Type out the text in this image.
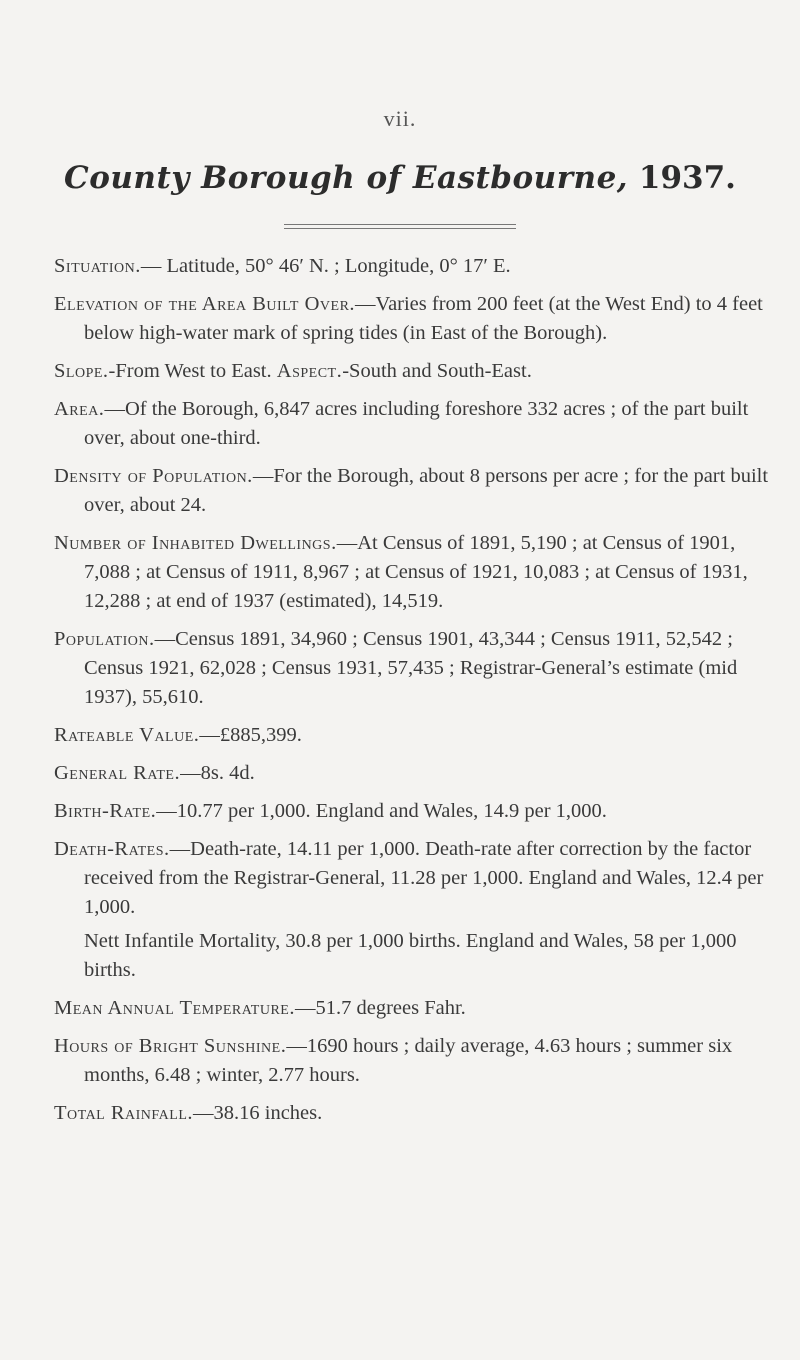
vii.
County Borough of Eastbourne, 1937.

Situation.— Latitude, 50° 46′ N. ; Longitude, 0° 17′ E.

Elevation of the Area Built Over.—Varies from 200 feet (at the West End) to 4 feet below high-water mark of spring tides (in East of the Borough).

Slope.-From West to East. Aspect.-South and South-East.

Area.—Of the Borough, 6,847 acres including foreshore 332 acres ; of the part built over, about one-third.

Density of Population.—For the Borough, about 8 persons per acre ; for the part built over, about 24.

Number of Inhabited Dwellings.—At Census of 1891, 5,190 ; at Census of 1901, 7,088 ; at Census of 1911, 8,967 ; at Census of 1921, 10,083 ; at Census of 1931, 12,288 ; at end of 1937 (estimated), 14,519.

Population.—Census 1891, 34,960 ; Census 1901, 43,344 ; Census 1911, 52,542 ; Census 1921, 62,028 ; Census 1931, 57,435 ; Registrar-General’s estimate (mid 1937), 55,610.

Rateable Value.—£885,399.

General Rate.—8s. 4d.

Birth-Rate.—10.77 per 1,000. England and Wales, 14.9 per 1,000.

Death-Rates.—Death-rate, 14.11 per 1,000. Death-rate after correction by the factor received from the Registrar-General, 11.28 per 1,000. England and Wales, 12.4 per 1,000.

Nett Infantile Mortality, 30.8 per 1,000 births. England and Wales, 58 per 1,000 births.

Mean Annual Temperature.—51.7 degrees Fahr.

Hours of Bright Sunshine.—1690 hours ; daily average, 4.63 hours ; summer six months, 6.48 ; winter, 2.77 hours.

Total Rainfall.—38.16 inches.
